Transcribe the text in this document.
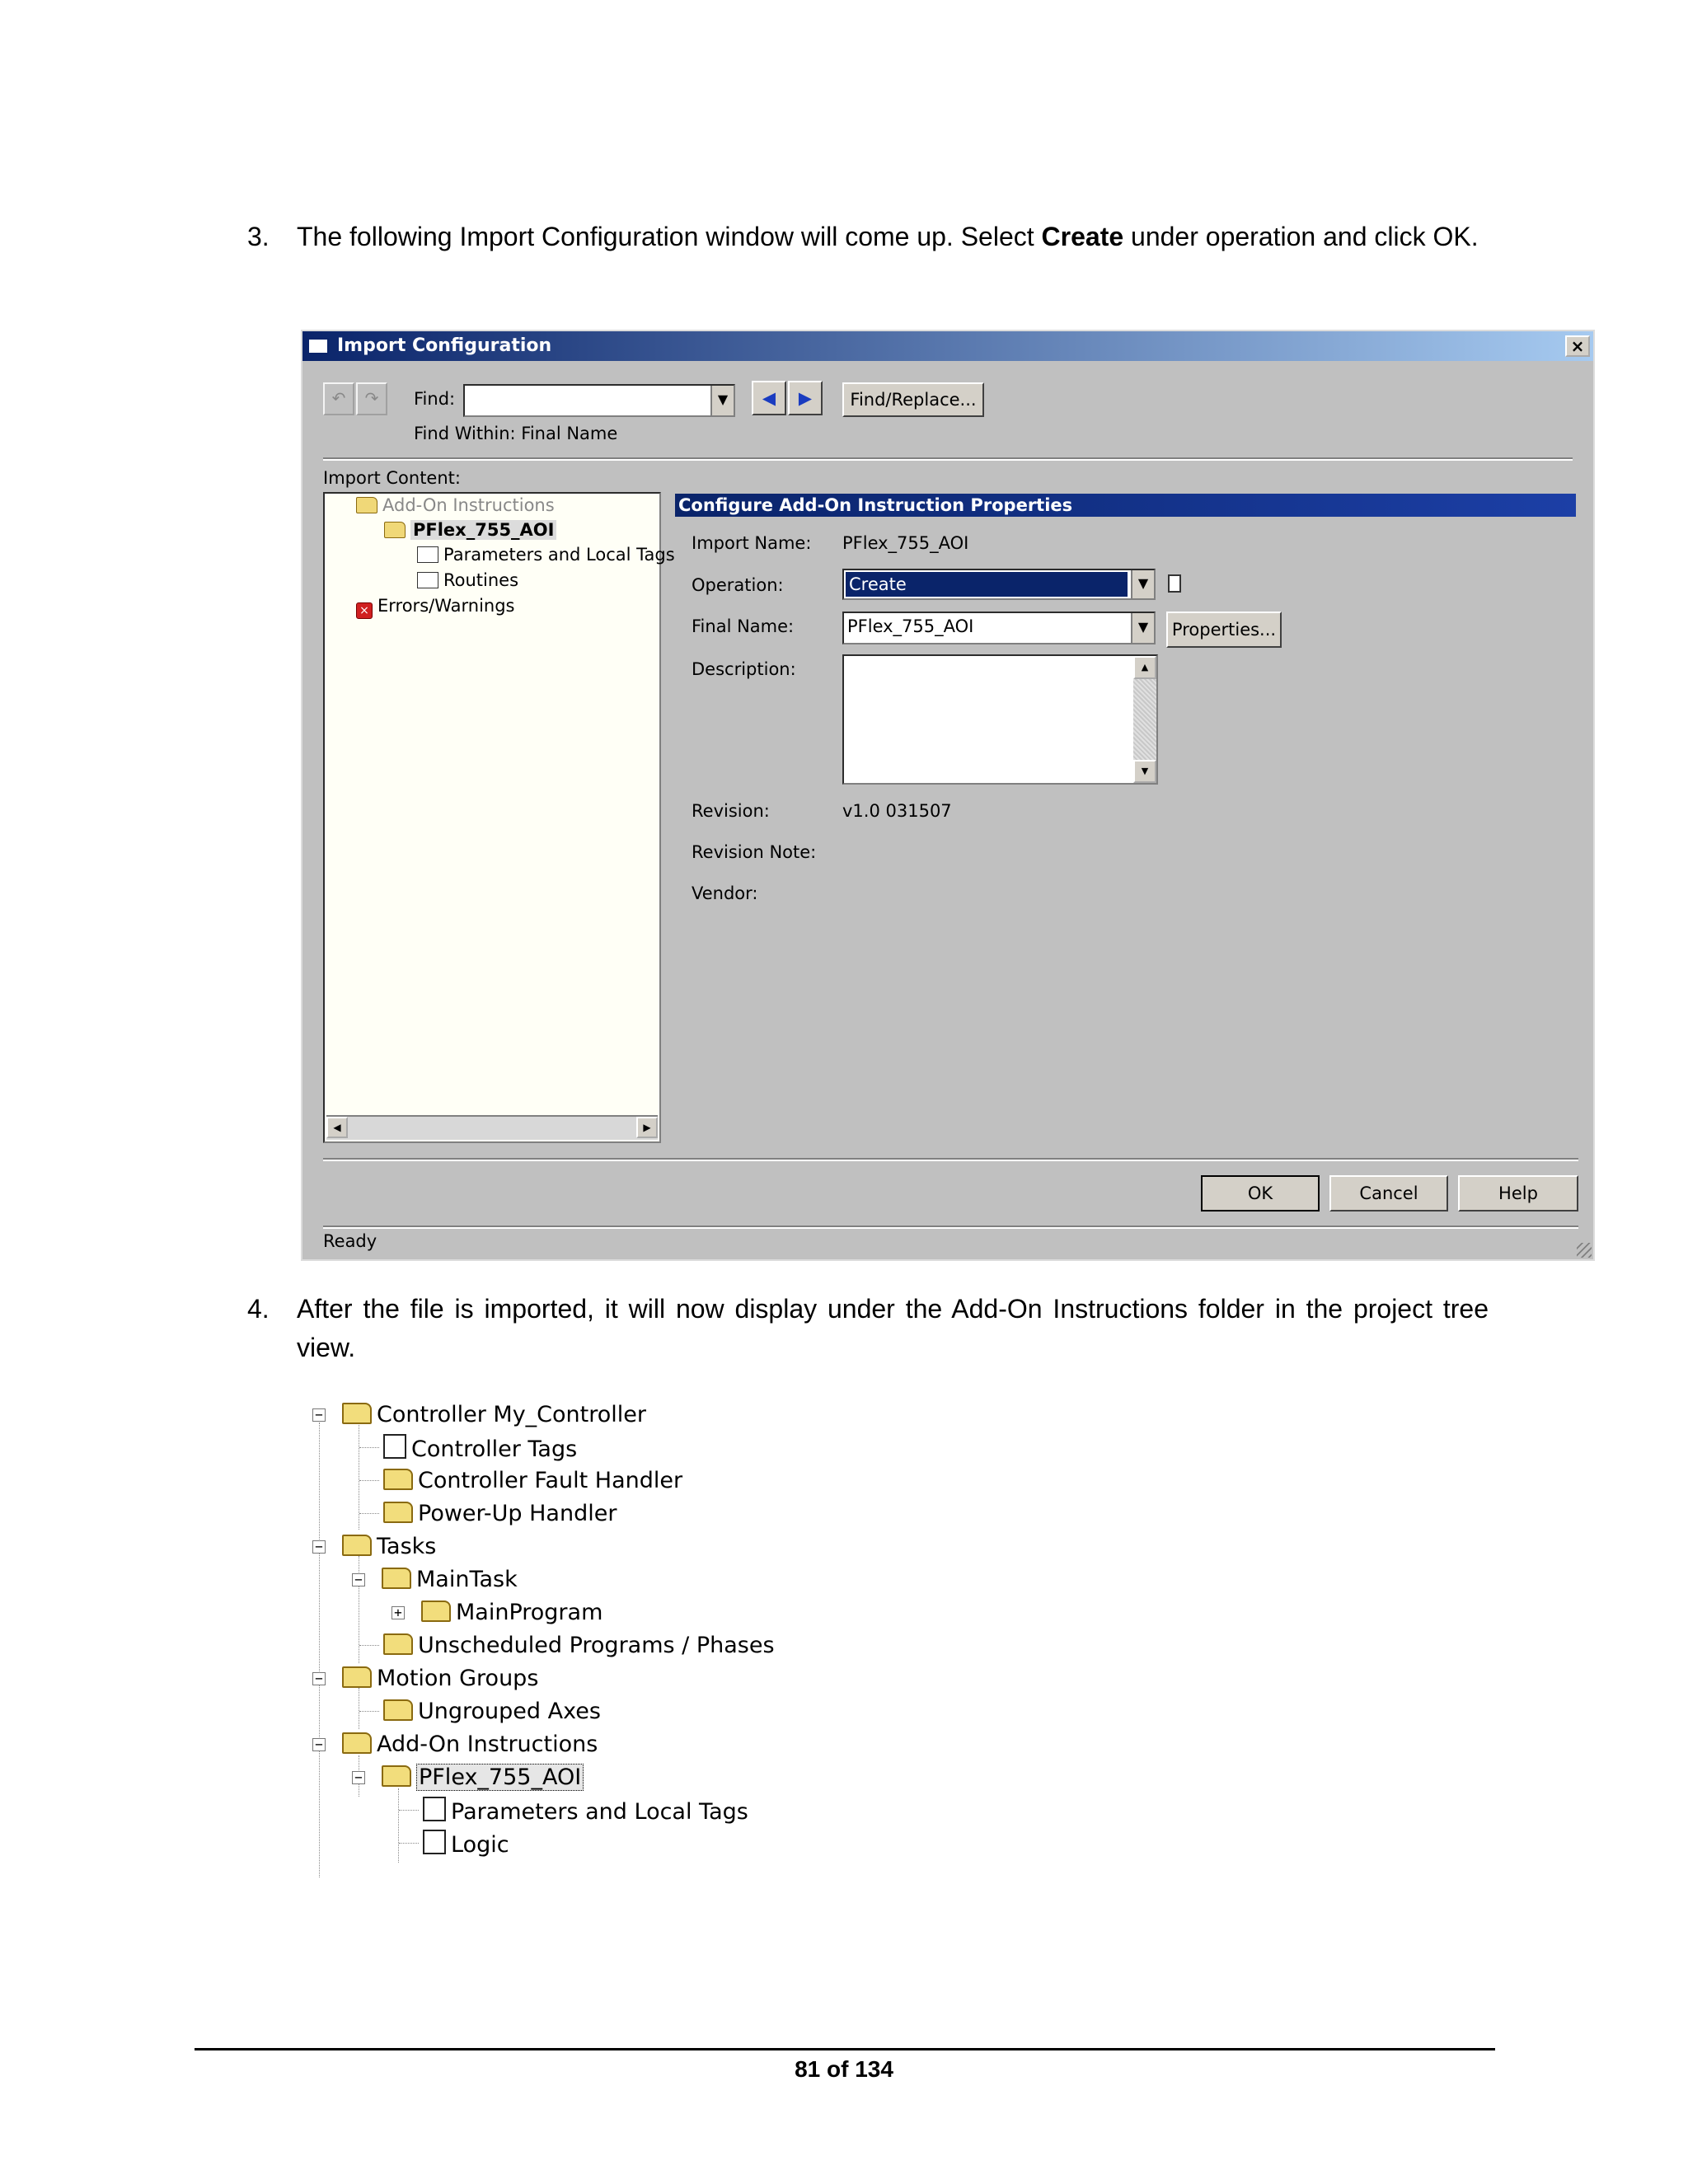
3. The following Import Configuration window will come up. Select Create under operation and click OK.
Import Configuration	×
↶	↷	Find:	▼	◀	▶	Find/Replace...
Find Within: Final Name
Import Content:
Add-On Instructions
PFlex_755_AOI
Parameters and Local Tags
Routines
× Errors/Warnings
◀	▶
Configure Add-On Instruction Properties
Import Name: PFlex_755_AOI
Operation:	Create	▼
Final Name:	PFlex_755_AOI	▼	Properties...
Description:	▲
▼
Revision:	v1.0 031507
Revision Note:
Vendor:
OK	Cancel	Help
Ready
4. After the file is imported, it will now display under the Add-On Instructions folder in the project tree view.
−	Controller My_Controller
Controller Tags
Controller Fault Handler
Power-Up Handler
−	Tasks
−	MainTask
+	MainProgram
Unscheduled Programs / Phases
−	Motion Groups
Ungrouped Axes
−	Add-On Instructions
−	PFlex_755_AOI
Parameters and Local Tags
Logic
81 of 134
